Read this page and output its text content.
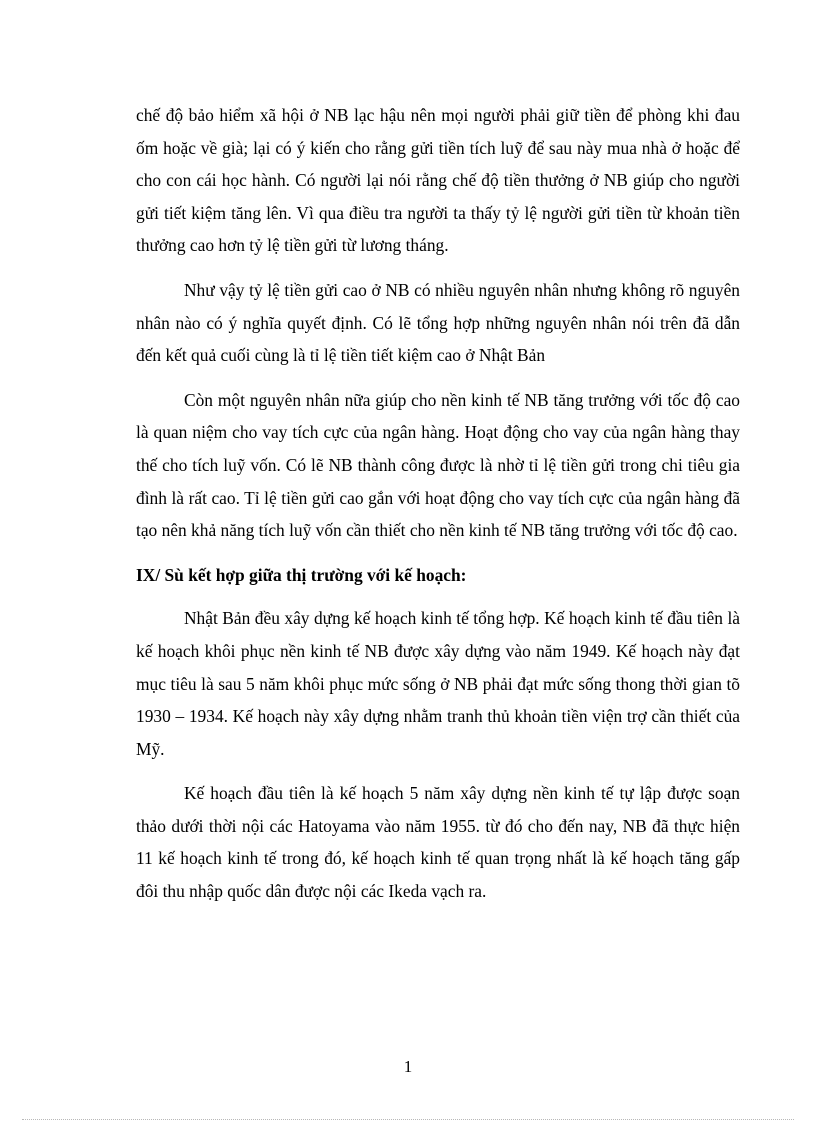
chế độ bảo hiểm xã hội ở NB lạc hậu nên mọi người phải giữ tiền để phòng khi đau ốm hoặc về già; lại có ý kiến cho rằng gửi tiền tích luỹ để sau này mua nhà ở hoặc để cho con cái học hành. Có người lại nói rằng chế độ tiền thưởng ở NB giúp cho người gửi tiết kiệm tăng lên. Vì qua điều tra người ta thấy tỷ lệ người gửi tiền từ khoản tiền thưởng cao hơn tỷ lệ tiền gửi từ lương tháng.

Như vậy tỷ lệ tiền gửi cao ở NB có nhiều nguyên nhân nhưng không rõ nguyên nhân nào có ý nghĩa quyết định. Có lẽ tổng hợp những nguyên nhân nói trên đã dẫn đến kết quả cuối cùng là tỉ lệ tiền tiết kiệm cao ở Nhật Bản

Còn một nguyên nhân nữa giúp cho nền kinh tế NB tăng trưởng với tốc độ cao là quan niệm cho vay tích cực của ngân hàng. Hoạt động cho vay của ngân hàng thay thế cho tích luỹ vốn. Có lẽ NB thành công được là nhờ tỉ lệ tiền gửi trong chi tiêu gia đình là rất cao. Tỉ lệ tiền gửi cao gắn với hoạt động cho vay tích cực của ngân hàng đã tạo nên khả năng tích luỹ vốn cần thiết cho nền kinh tế NB tăng trưởng với tốc độ cao.

IX/ Sù kết hợp giữa thị trường với kế hoạch:

Nhật Bản đều xây dựng kế hoạch kinh tế tổng hợp. Kế hoạch kinh tế đầu tiên là kế hoạch khôi phục nền kinh tế NB được xây dựng vào năm 1949. Kế hoạch này đạt mục tiêu là sau 5 năm khôi phục mức sống ở NB phải đạt mức sống thong thời gian tõ 1930 – 1934. Kế hoạch này xây dựng nhằm tranh thủ khoản tiền viện trợ cần thiết của Mỹ.

Kế hoạch đầu tiên là kế hoạch 5 năm xây dựng nền kinh tế tự lập được soạn thảo dưới thời nội các Hatoyama vào năm 1955. từ đó cho đến nay, NB đã thực hiện 11 kế hoạch kinh tế trong đó, kế hoạch kinh tế quan trọng nhất là kế hoạch tăng gấp đôi thu nhập quốc dân được nội các Ikeda vạch ra.

1
